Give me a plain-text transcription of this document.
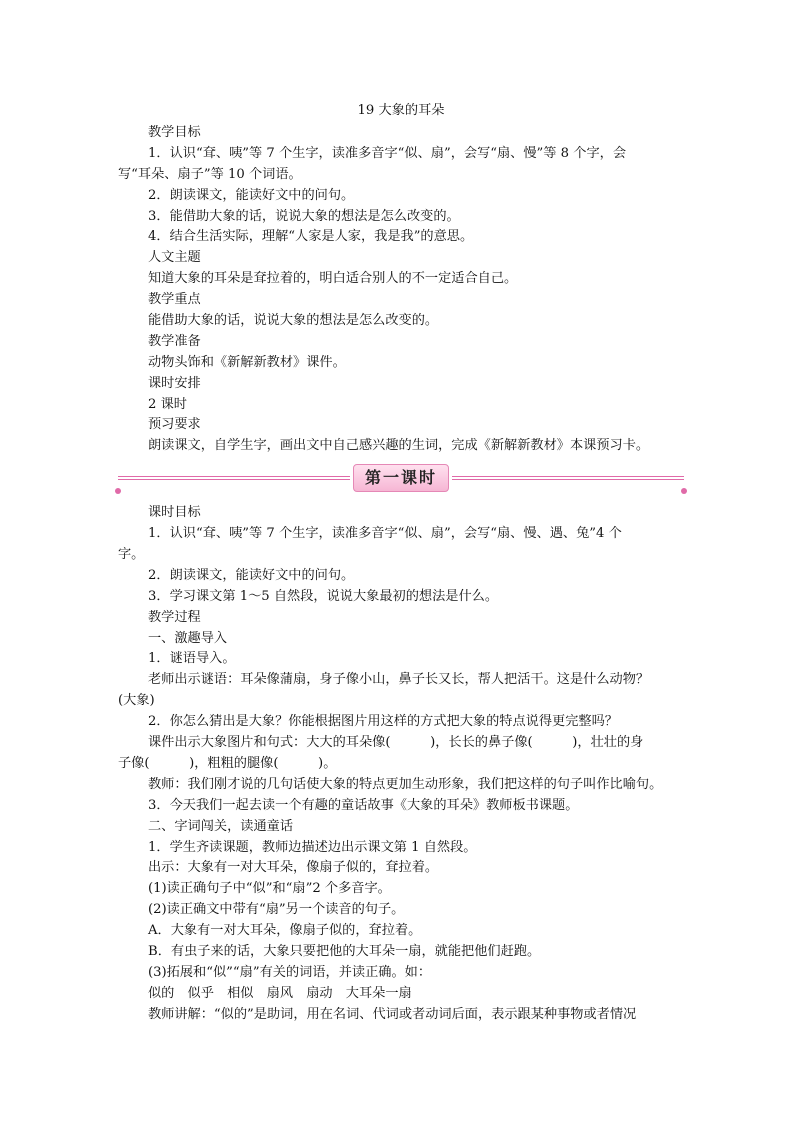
19 大象的耳朵

教学目标

1．认识“耷、咦”等 7 个生字，读准多音字“似、扇”，会写“扇、慢”等 8 个字，会

写“耳朵、扇子”等 10 个词语。

2．朗读课文，能读好文中的问句。

3．能借助大象的话，说说大象的想法是怎么改变的。

4．结合生活实际，理解“人家是人家，我是我”的意思。

人文主题

知道大象的耳朵是耷拉着的，明白适合别人的不一定适合自己。

教学重点

能借助大象的话，说说大象的想法是怎么改变的。

教学准备

动物头饰和《新解新教材》课件。

课时安排

2 课时

预习要求

朗读课文，自学生字，画出文中自己感兴趣的生词，完成《新解新教材》本课预习卡。

第一课时

课时目标

1．认识“耷、咦”等 7 个生字，读准多音字“似、扇”，会写“扇、慢、遇、兔”4 个

字。

2．朗读课文，能读好文中的问句。

3．学习课文第 1～5 自然段，说说大象最初的想法是什么。

教学过程

一、激趣导入

1．谜语导入。

老师出示谜语：耳朵像蒲扇，身子像小山，鼻子长又长，帮人把活干。这是什么动物？

(大象)

2．你怎么猜出是大象？你能根据图片用这样的方式把大象的特点说得更完整吗？

课件出示大象图片和句式：大大的耳朵像(　　　)，长长的鼻子像(　　　)，壮壮的身

子像(　　　)，粗粗的腿像(　　　)。

教师：我们刚才说的几句话使大象的特点更加生动形象，我们把这样的句子叫作比喻句。

3．今天我们一起去读一个有趣的童话故事《大象的耳朵》教师板书课题。

二、字词闯关，读通童话

1．学生齐读课题，教师边描述边出示课文第 1 自然段。

出示：大象有一对大耳朵，像扇子似的，耷拉着。

(1)读正确句子中“似”和“扇”2 个多音字。

(2)读正确文中带有“扇”另一个读音的句子。

A．大象有一对大耳朵，像扇子似的，耷拉着。

B．有虫子来的话，大象只要把他的大耳朵一扇，就能把他们赶跑。

(3)拓展和“似”“扇”有关的词语，并读正确。如：

似的　似乎　相似　扇风　扇动　大耳朵一扇

教师讲解：“似的”是助词，用在名词、代词或者动词后面，表示跟某种事物或者情况
